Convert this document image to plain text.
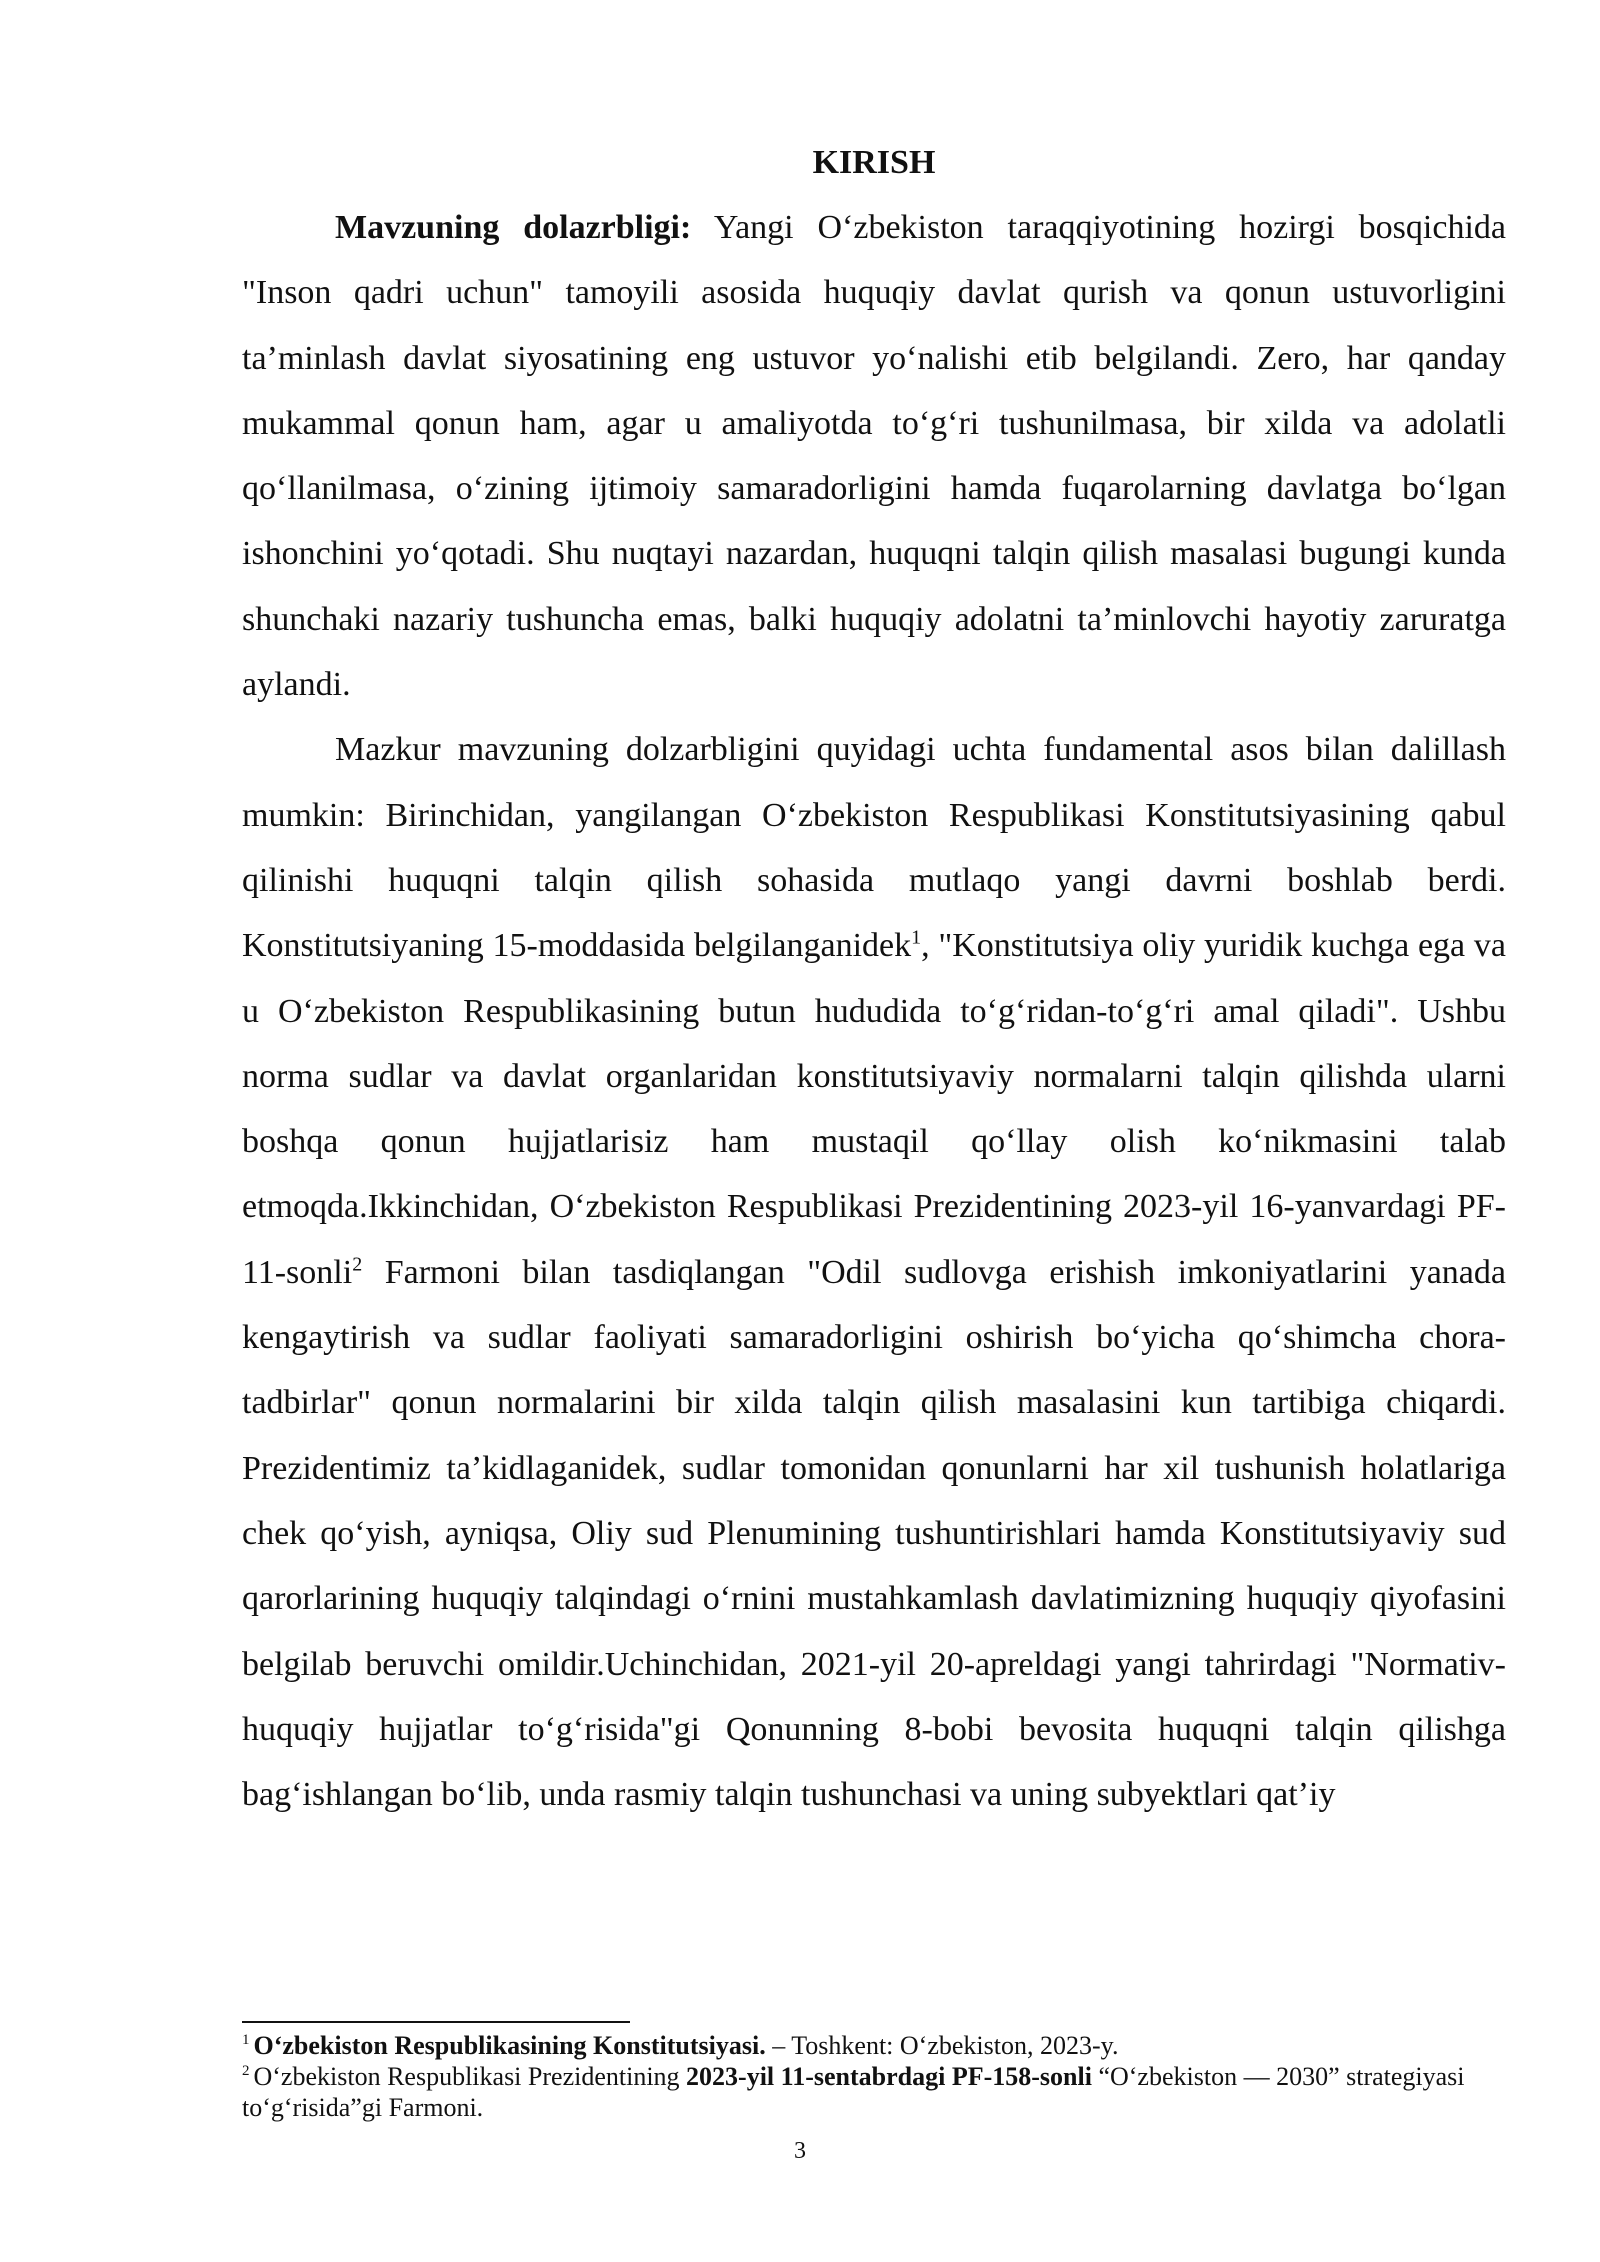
KIRISH

Mavzuning dolazrbligi: Yangi O‘zbekiston taraqqiyotining hozirgi bosqichida "Inson qadri uchun" tamoyili asosida huquqiy davlat qurish va qonun ustuvorligini ta’minlash davlat siyosatining eng ustuvor yo‘nalishi etib belgilandi. Zero, har qanday mukammal qonun ham, agar u amaliyotda to‘g‘ri tushunilmasa, bir xilda va adolatli qo‘llanilmasa, o‘zining ijtimoiy samaradorligini hamda fuqarolarning davlatga bo‘lgan ishonchini yo‘qotadi. Shu nuqtayi nazardan, huquqni talqin qilish masalasi bugungi kunda shunchaki nazariy tushuncha emas, balki huquqiy adolatni ta’minlovchi hayotiy zaruratga aylandi.

Mazkur mavzuning dolzarbligini quyidagi uchta fundamental asos bilan dalillash mumkin: Birinchidan, yangilangan O‘zbekiston Respublikasi Konstitutsiyasining qabul qilinishi huquqni talqin qilish sohasida mutlaqo yangi davrni boshlab berdi. Konstitutsiyaning 15-moddasida belgilanganidek$^1$, "Konstitutsiya oliy yuridik kuchga ega va u O‘zbekiston Respublikasining butun hududida to‘g‘ridan-to‘g‘ri amal qiladi". Ushbu norma sudlar va davlat organlaridan konstitutsiyaviy normalarni talqin qilishda ularni boshqa qonun hujjatlarisiz ham mustaqil qo‘llay olish ko‘nikmasini talab etmoqda.Ikkinchidan, O‘zbekiston Respublikasi Prezidentining 2023-yil 16-yanvardagi PF-11-sonli$^2$ Farmoni bilan tasdiqlangan "Odil sudlovga erishish imkoniyatlarini yanada kengaytirish va sudlar faoliyati samaradorligini oshirish bo‘yicha qo‘shimcha chora-tadbirlar" qonun normalarini bir xilda talqin qilish masalasini kun tartibiga chiqardi. Prezidentimiz ta’kidlaganidek, sudlar tomonidan qonunlarni har xil tushunish holatlariga chek qo‘yish, ayniqsa, Oliy sud Plenumining tushuntirishlari hamda Konstitutsiyaviy sud qarorlarining huquqiy talqindagi o‘rnini mustahkamlash davlatimizning huquqiy qiyofasini belgilab beruvchi omildir.Uchinchidan, 2021-yil 20-apreldagi yangi tahrirdagi "Normativ-huquqiy hujjatlar to‘g‘risida"gi Qonunning 8-bobi bevosita huquqni talqin qilishga bag‘ishlangan bo‘lib, unda rasmiy talqin tushunchasi va uning subyektlari qat’iy

$^1$ O‘zbekiston Respublikasining Konstitutsiyasi. – Toshkent: O‘zbekiston, 2023-y.

$^2$ O‘zbekiston Respublikasi Prezidentining 2023-yil 11-sentabrdagi PF-158-sonli “O‘zbekiston — 2030” strategiyasi to‘g‘risida”gi Farmoni.

3
